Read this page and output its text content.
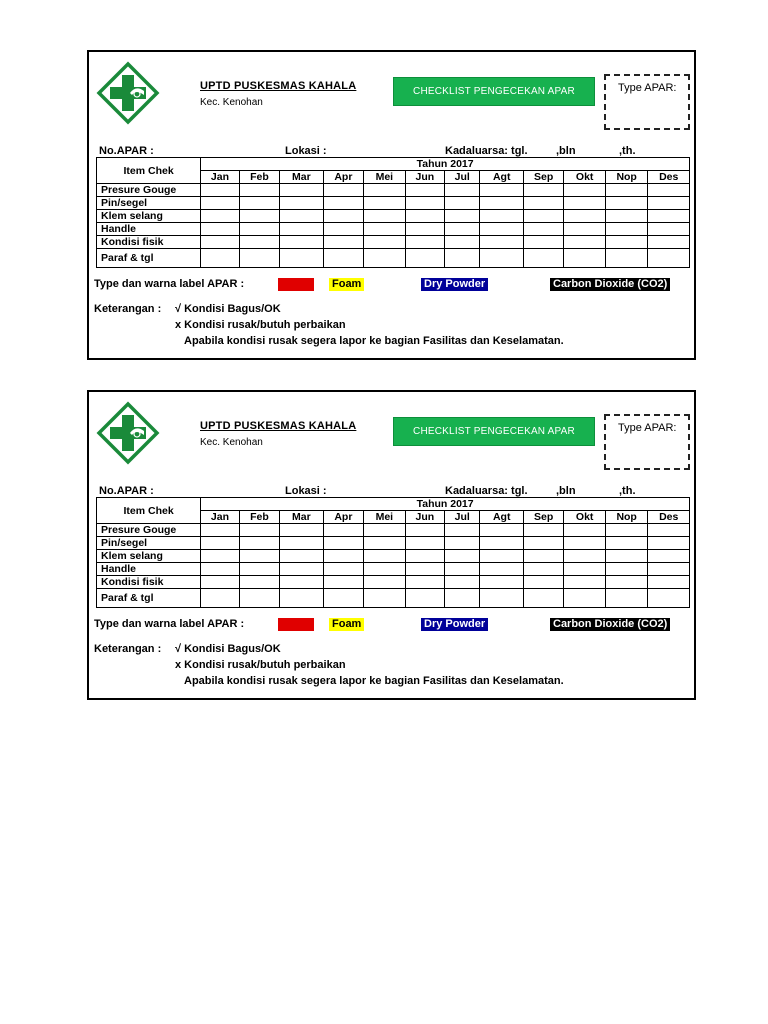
UPTD PUSKESMAS KAHALA
Kec. Kenohan
CHECKLIST PENGECEKAN APAR	Type APAR:
No.APAR :	Lokasi :	Kadaluarsa: tgl.	,bln	,th.
Item Chek	Tahun 2017											
	Jan	Feb	Mar	Apr	Mei	Jun	Jul	Agt	Sep	Okt	Nop	Des
Presure Gouge												
Pin/segel												
Klem selang												
Handle												
Kondisi fisik												
Paraf & tgl												
Type dan warna label APAR :	Water Foam	Dry Powder	Carbon Dioxide (CO2)
Keterangan : √ Kondisi Bagus/OK
x Kondisi rusak/butuh perbaikan
Apabila kondisi rusak segera lapor ke bagian Fasilitas dan Keselamatan.
UPTD PUSKESMAS KAHALA
Kec. Kenohan
CHECKLIST PENGECEKAN APAR	Type APAR:
No.APAR :	Lokasi :	Kadaluarsa: tgl.	,bln	,th.
Item Chek	Tahun 2017											
	Jan	Feb	Mar	Apr	Mei	Jun	Jul	Agt	Sep	Okt	Nop	Des
Presure Gouge												
Pin/segel												
Klem selang												
Handle												
Kondisi fisik												
Paraf & tgl												
Type dan warna label APAR :	Water Foam	Dry Powder	Carbon Dioxide (CO2)
Keterangan : √ Kondisi Bagus/OK
x Kondisi rusak/butuh perbaikan
Apabila kondisi rusak segera lapor ke bagian Fasilitas dan Keselamatan.
